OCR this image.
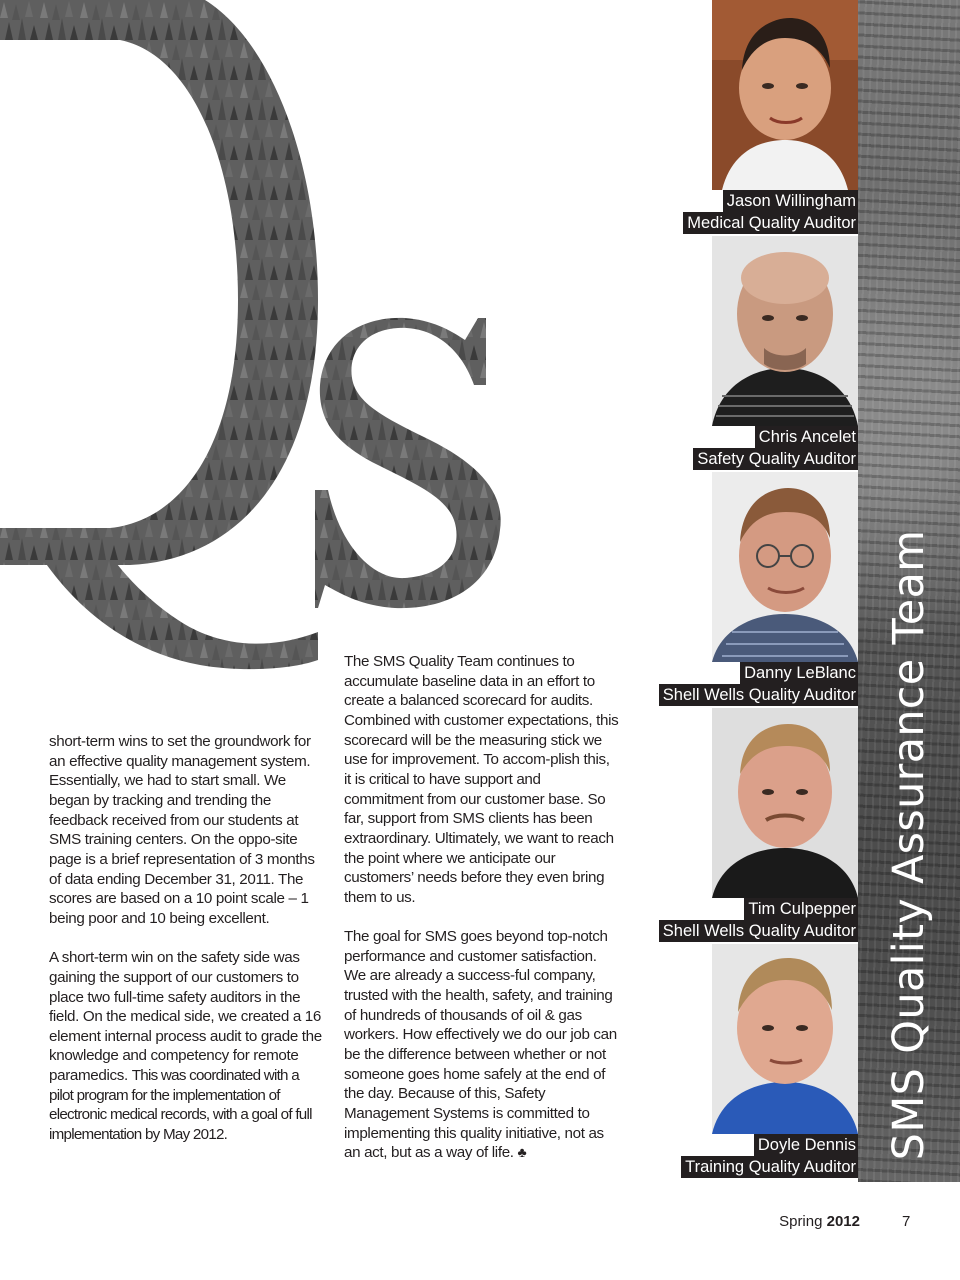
SMS Quality Assurance Team
Jason Willingham
Medical Quality Auditor
Chris Ancelet
Safety Quality Auditor
Danny LeBlanc
Shell Wells Quality Auditor
Tim Culpepper
Shell Wells Quality Auditor
Doyle Dennis
Training Quality Auditor

short-term wins to set the groundwork for an effective quality management system. Essentially, we had to start small. We began by tracking and trending the feedback received from our students at SMS training centers. On the oppo-site page is a brief representation of 3 months of data ending December 31, 2011. The scores are based on a 10 point scale – 1 being poor and 10 being excellent.

A short-term win on the safety side was gaining the support of our customers to place two full-time safety auditors in the field. On the medical side, we created a 16 element internal process audit to grade the knowledge and competency for remote paramedics. This was coordinated with a pilot program for the implementation of electronic medical records, with a goal of full implementation by May 2012.

The SMS Quality Team continues to accumulate baseline data in an effort to create a balanced scorecard for audits. Combined with customer expectations, this scorecard will be the measuring stick we use for improvement. To accom-plish this, it is critical to have support and commitment from our customer base. So far, support from SMS clients has been extraordinary. Ultimately, we want to reach the point where we anticipate our customers’ needs before they even bring them to us.

The goal for SMS goes beyond top-notch performance and customer satisfaction. We are already a success-ful company, trusted with the health, safety, and training of hundreds of thousands of oil & gas workers. How effectively we do our job can be the difference between whether or not someone goes home safely at the end of the day. Because of this, Safety Management Systems is committed to implementing this quality initiative, not as an act, but as a way of life. ♣

Spring 2012	7
